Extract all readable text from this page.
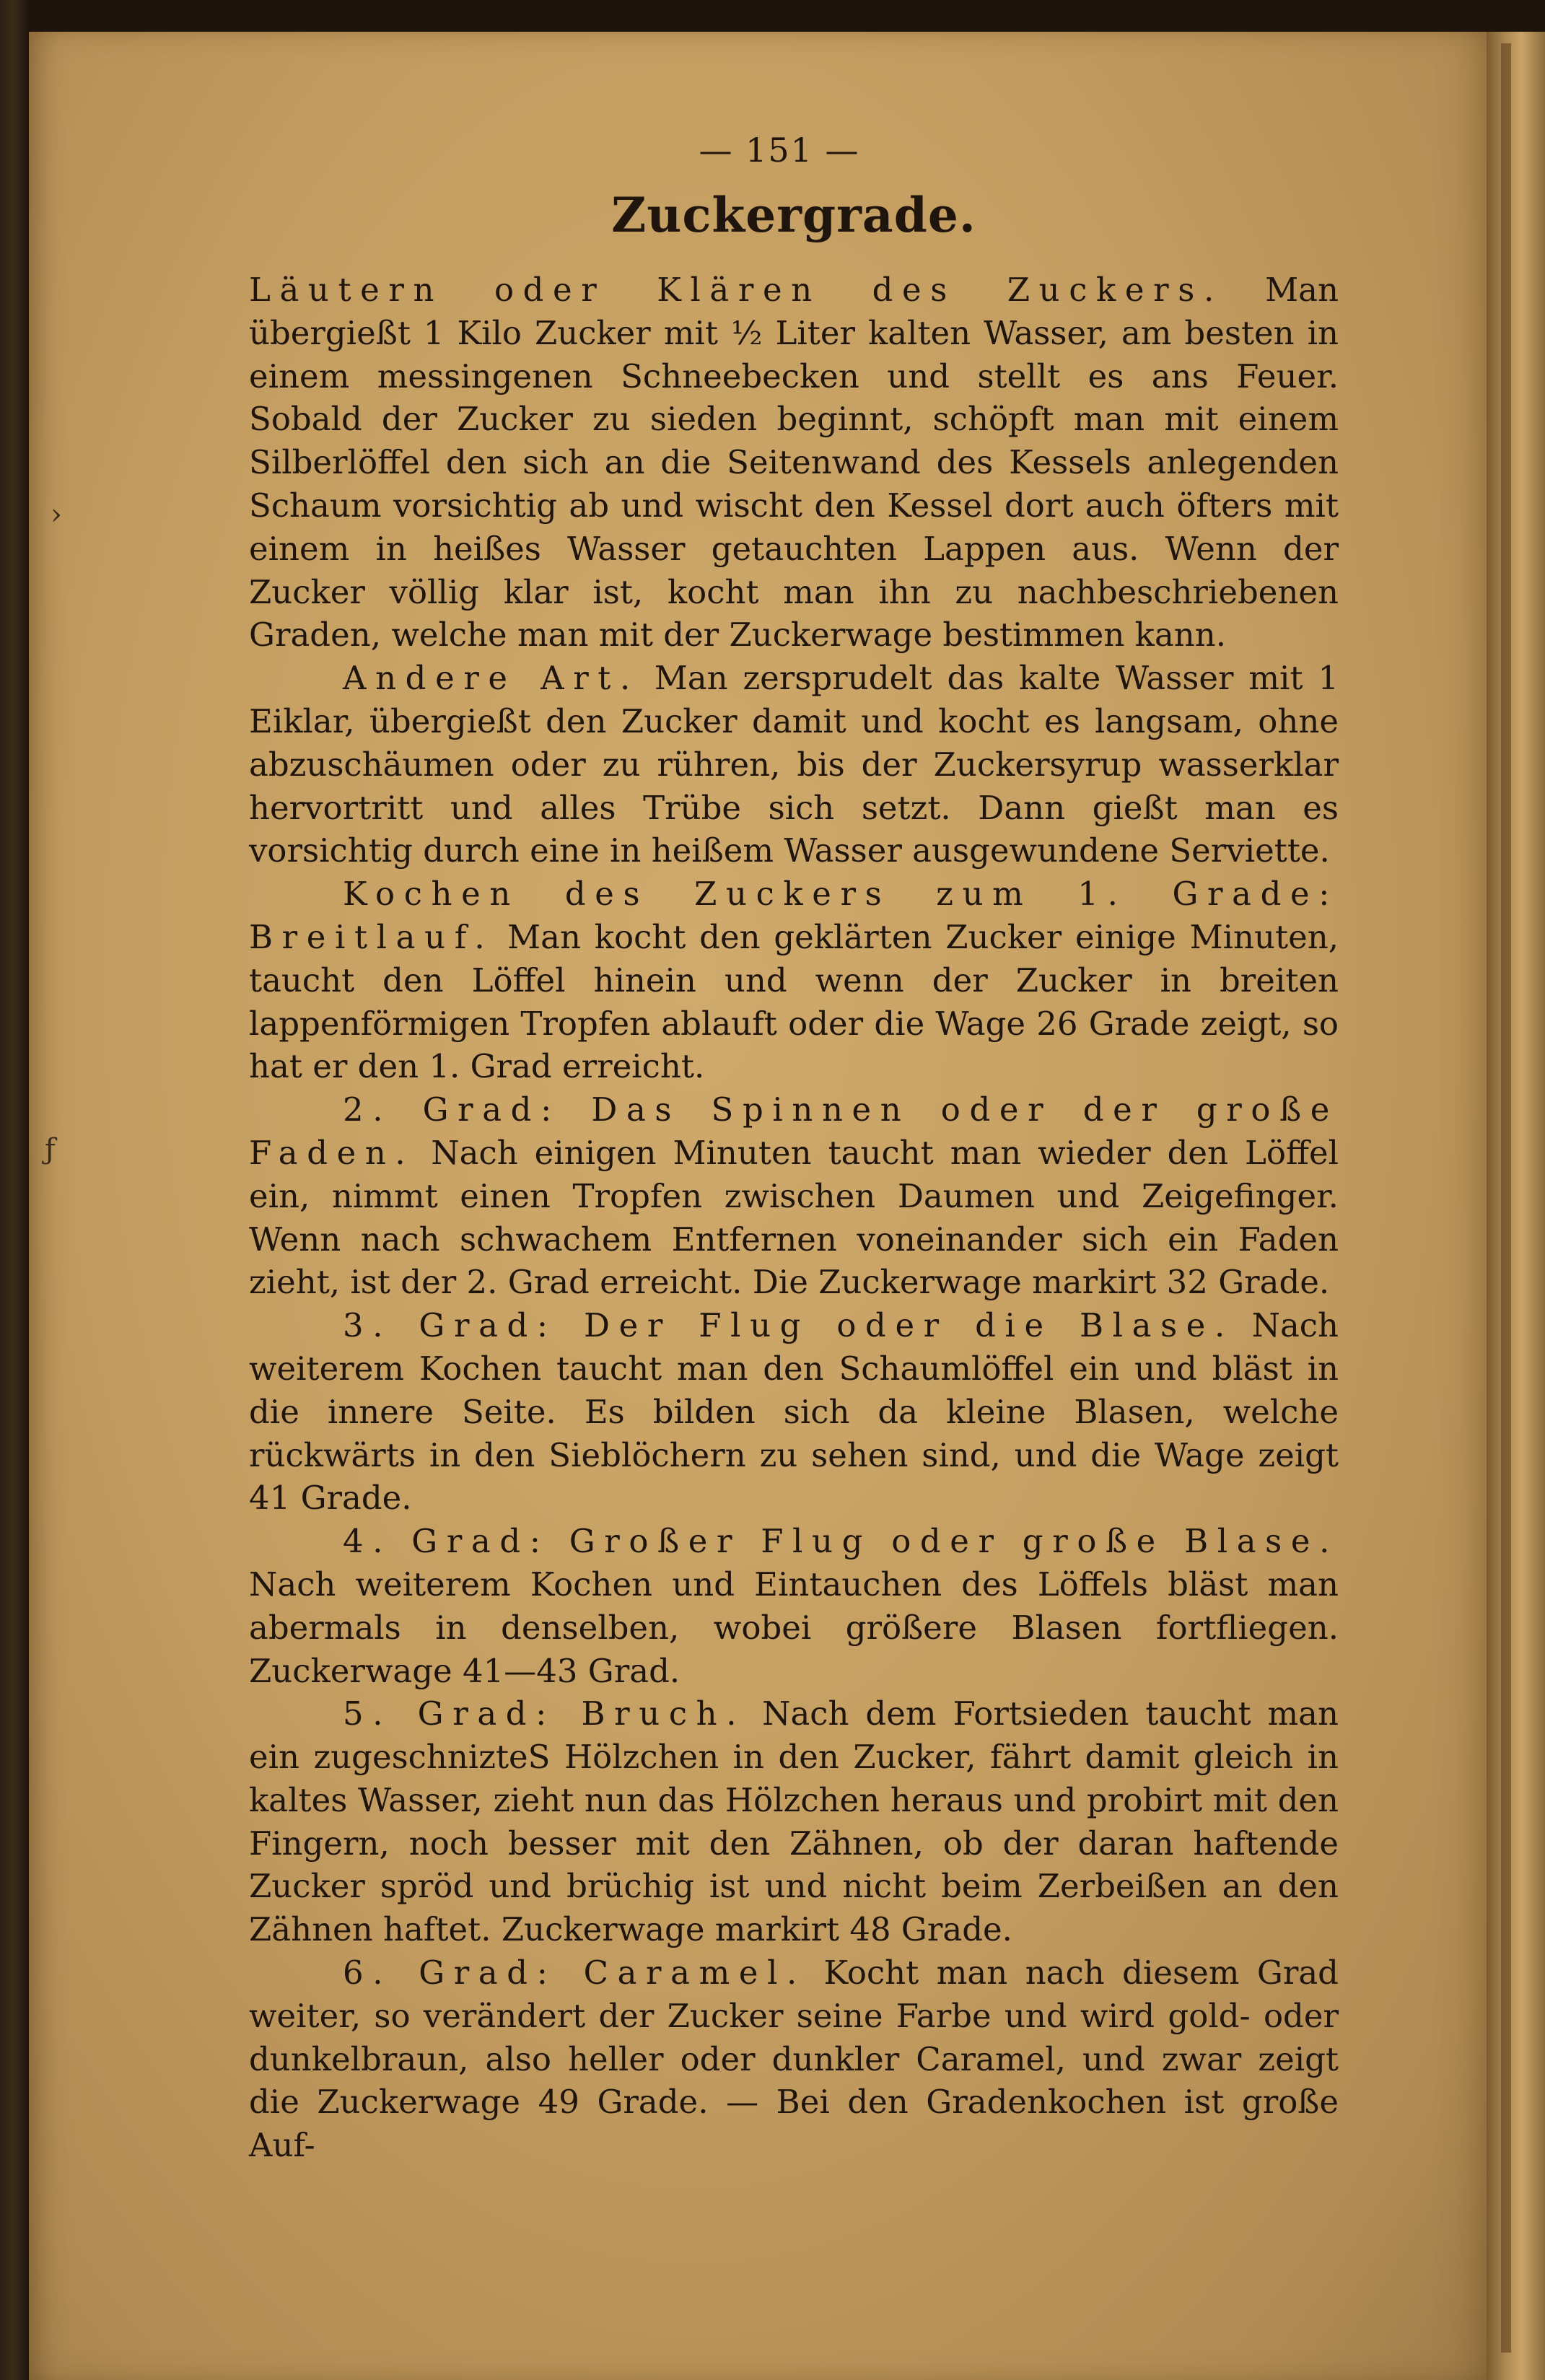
›
ƒ
— 151 —
Zuckergrade.

Läutern oder Klären des Zuckers. Man übergießt 1 Kilo Zucker mit ½ Liter kalten Wasser, am besten in einem messingenen Schneebecken und stellt es ans Feuer. Sobald der Zucker zu sieden beginnt, schöpft man mit einem Silberlöffel den sich an die Seitenwand des Kessels anlegenden Schaum vorsichtig ab und wischt den Kessel dort auch öfters mit einem in heißes Wasser getauchten Lappen aus. Wenn der Zucker völlig klar ist, kocht man ihn zu nachbeschriebenen Graden, welche man mit der Zuckerwage bestimmen kann.

Andere Art. Man zersprudelt das kalte Wasser mit 1 Eiklar, übergießt den Zucker damit und kocht es langsam, ohne abzuschäumen oder zu rühren, bis der Zuckersyrup wasserklar hervortritt und alles Trübe sich setzt. Dann gießt man es vorsichtig durch eine in heißem Wasser ausgewundene Serviette.

Kochen des Zuckers zum 1. Grade: Breitlauf. Man kocht den geklärten Zucker einige Minuten, taucht den Löffel hinein und wenn der Zucker in breiten lappenförmigen Tropfen ablauft oder die Wage 26 Grade zeigt, so hat er den 1. Grad erreicht.

2. Grad: Das Spinnen oder der große Faden. Nach einigen Minuten taucht man wieder den Löffel ein, nimmt einen Tropfen zwischen Daumen und Zeigefinger. Wenn nach schwachem Entfernen voneinander sich ein Faden zieht, ist der 2. Grad erreicht. Die Zuckerwage markirt 32 Grade.

3. Grad: Der Flug oder die Blase. Nach weiterem Kochen taucht man den Schaumlöffel ein und bläst in die innere Seite. Es bilden sich da kleine Blasen, welche rückwärts in den Sieblöchern zu sehen sind, und die Wage zeigt 41 Grade.

4. Grad: Großer Flug oder große Blase. Nach weiterem Kochen und Eintauchen des Löffels bläst man abermals in denselben, wobei größere Blasen fortfliegen. Zuckerwage 41—43 Grad.

5. Grad: Bruch. Nach dem Fortsieden taucht man ein zugeschnizteS Hölzchen in den Zucker, fährt damit gleich in kaltes Wasser, zieht nun das Hölzchen heraus und probirt mit den Fingern, noch besser mit den Zähnen, ob der daran haftende Zucker spröd und brüchig ist und nicht beim Zerbeißen an den Zähnen haftet. Zuckerwage markirt 48 Grade.

6. Grad: Caramel. Kocht man nach diesem Grad weiter, so verändert der Zucker seine Farbe und wird gold- oder dunkelbraun, also heller oder dunkler Caramel, und zwar zeigt die Zuckerwage 49 Grade. — Bei den Gradenkochen ist große Auf-
